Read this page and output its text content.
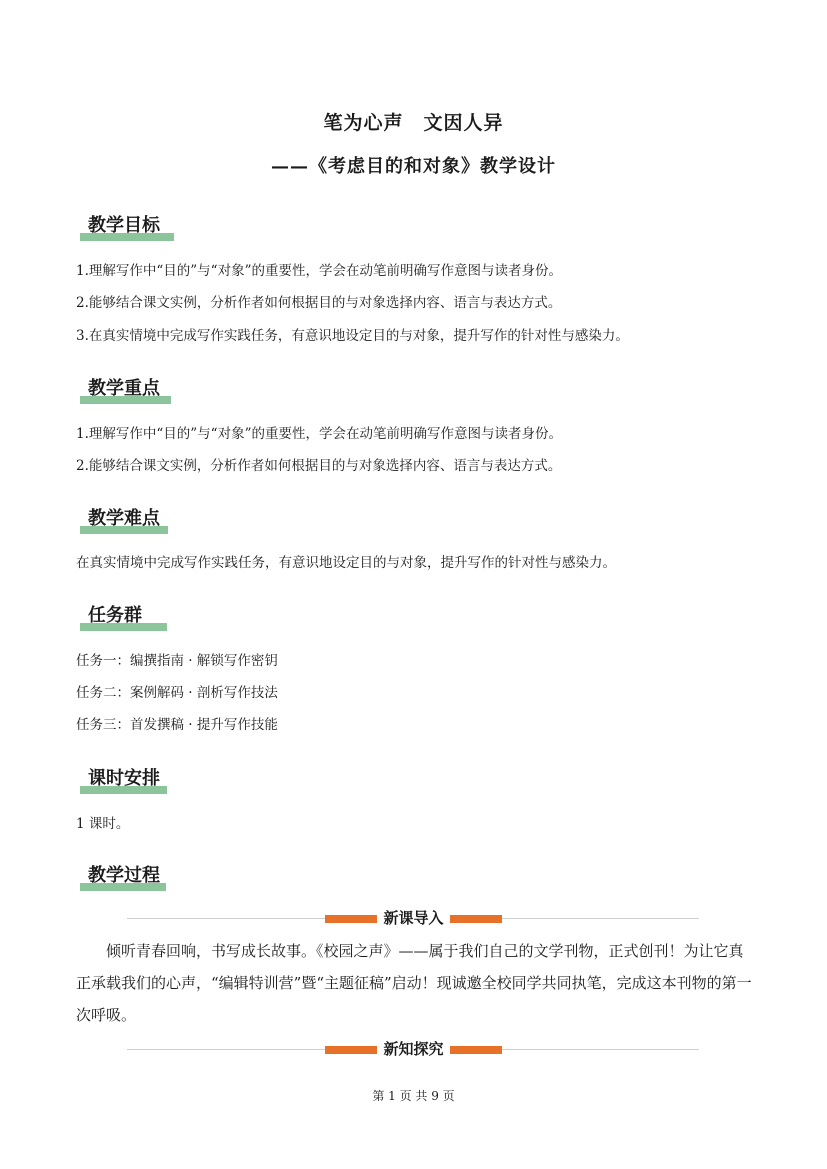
笔为心声　文因人异
——《考虑目的和对象》教学设计
教学目标
1.理解写作中“目的”与“对象”的重要性，学会在动笔前明确写作意图与读者身份。
2.能够结合课文实例，分析作者如何根据目的与对象选择内容、语言与表达方式。
3.在真实情境中完成写作实践任务，有意识地设定目的与对象，提升写作的针对性与感染力。
教学重点
1.理解写作中“目的”与“对象”的重要性，学会在动笔前明确写作意图与读者身份。
2.能够结合课文实例，分析作者如何根据目的与对象选择内容、语言与表达方式。
教学难点
在真实情境中完成写作实践任务，有意识地设定目的与对象，提升写作的针对性与感染力。
任务群
任务一：编撰指南 · 解锁写作密钥
任务二：案例解码 · 剖析写作技法
任务三：首发撰稿 · 提升写作技能
课时安排
1 课时。
教学过程
新课导入
倾听青春回响，书写成长故事。《校园之声》——属于我们自己的文学刊物，正式创刊！为让它真正承载我们的心声，“编辑特训营”暨“主题征稿”启动！现诚邀全校同学共同执笔，完成这本刊物的第一次呼吸。
新知探究
第 1 页 共 9 页
